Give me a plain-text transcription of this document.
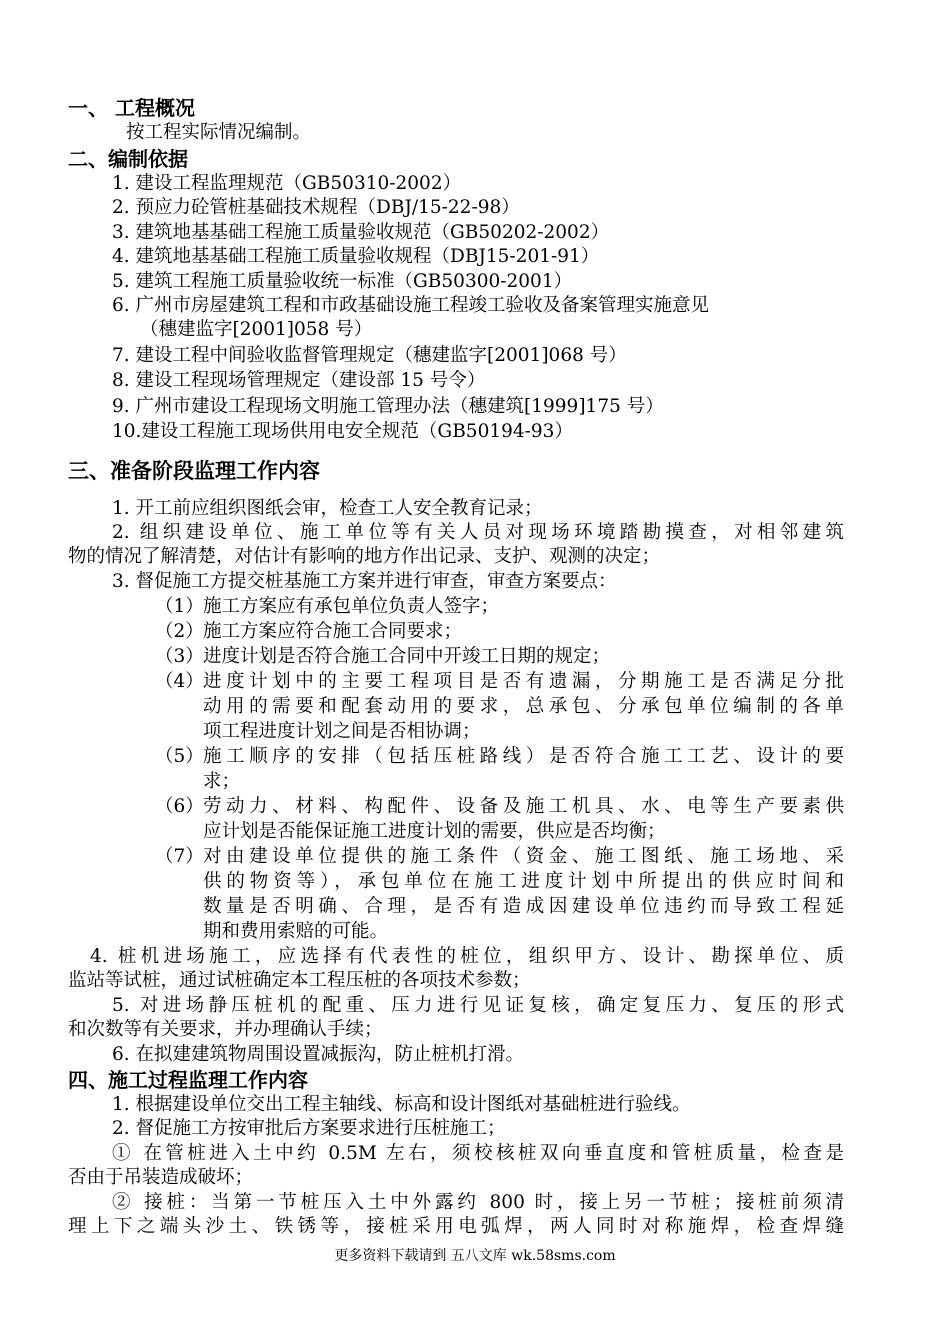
一、 工程概况
按工程实际情况编制。
二、编制依据
1. 建设工程监理规范（GB50310-2002）
2. 预应力砼管桩基础技术规程（DBJ/15-22-98）
3. 建筑地基基础工程施工质量验收规范（GB50202-2002）
4. 建筑地基基础工程施工质量验收规程（DBJ15-201-91）
5. 建筑工程施工质量验收统一标准（GB50300-2001）
6. 广州市房屋建筑工程和市政基础设施工程竣工验收及备案管理实施意见
（穗建监字[2001]058 号）
7. 建设工程中间验收监督管理规定（穗建监字[2001]068 号）
8. 建设工程现场管理规定（建设部 15 号令）
9. 广州市建设工程现场文明施工管理办法（穗建筑[1999]175 号）
10.建设工程施工现场供用电安全规范（GB50194-93）
三、准备阶段监理工作内容
1. 开工前应组织图纸会审，检查工人安全教育记录；
2. 组织建设单位、施工单位等有关人员对现场环境踏勘摸查，对相邻建筑
物的情况了解清楚，对估计有影响的地方作出记录、支护、观测的决定；
3. 督促施工方提交桩基施工方案并进行审查，审查方案要点：
（1） 施工方案应有承包单位负责人签字；
（2） 施工方案应符合施工合同要求；
（3） 进度计划是否符合施工合同中开竣工日期的规定；
（4） 进度计划中的主要工程项目是否有遗漏，分期施工是否满足分批
动用的需要和配套动用的要求，总承包、分承包单位编制的各单
项工程进度计划之间是否相协调；
（5） 施工顺序的安排（包括压桩路线）是否符合施工工艺、设计的要
求；
（6） 劳动力、材料、构配件、设备及施工机具、水、电等生产要素供
应计划是否能保证施工进度计划的需要，供应是否均衡；
（7） 对由建设单位提供的施工条件（资金、施工图纸、施工场地、采
供的物资等），承包单位在施工进度计划中所提出的供应时间和
数量是否明确、合理，是否有造成因建设单位违约而导致工程延
期和费用索赔的可能。
4. 桩机进场施工，应选择有代表性的桩位，组织甲方、设计、勘探单位、质
监站等试桩，通过试桩确定本工程压桩的各项技术参数；
5. 对进场静压桩机的配重、压力进行见证复核，确定复压力、复压的形式
和次数等有关要求，并办理确认手续；
6. 在拟建建筑物周围设置减振沟，防止桩机打滑。
四、施工过程监理工作内容
1. 根据建设单位交出工程主轴线、标高和设计图纸对基础桩进行验线。
2. 督促施工方按审批后方案要求进行压桩施工；
① 在管桩进入土中约 0.5M 左右，须校核桩双向垂直度和管桩质量，检查是
否由于吊装造成破坏；
② 接桩：当第一节桩压入土中外露约 800 时，接上另一节桩；接桩前须清
理上下之端头沙土、铁锈等，接桩采用电弧焊，两人同时对称施焊，检查焊缝
更多资料下载请到 五八文库 wk.58sms.com
